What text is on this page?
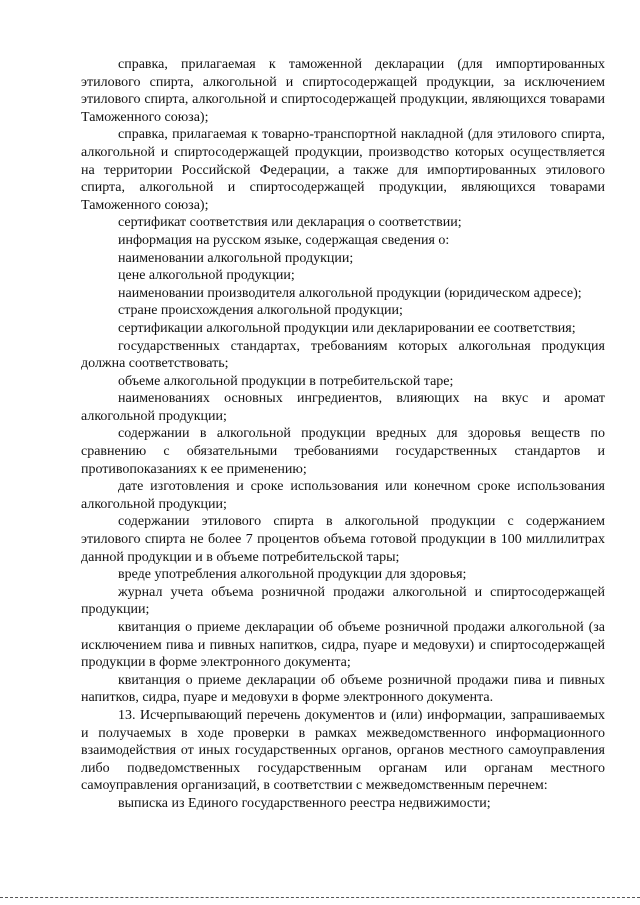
справка, прилагаемая к таможенной декларации (для импортированных этилового спирта, алкогольной и спиртосодержащей продукции, за исключением этилового спирта, алкогольной и спиртосодержащей продукции, являющихся товарами Таможенного союза);

справка, прилагаемая к товарно-транспортной накладной (для этилового спирта, алкогольной и спиртосодержащей продукции, производство которых осуществляется на территории Российской Федерации, а также для импортированных этилового спирта, алкогольной и спиртосодержащей продукции, являющихся товарами Таможенного союза);

сертификат соответствия или декларация о соответствии;

информация на русском языке, содержащая сведения о:

наименовании алкогольной продукции;

цене алкогольной продукции;

наименовании производителя алкогольной продукции (юридическом адресе);

стране происхождения алкогольной продукции;

сертификации алкогольной продукции или декларировании ее соответствия;

государственных стандартах, требованиям которых алкогольная продукция должна соответствовать;

объеме алкогольной продукции в потребительской таре;

наименованиях основных ингредиентов, влияющих на вкус и аромат алкогольной продукции;

содержании в алкогольной продукции вредных для здоровья веществ по сравнению с обязательными требованиями государственных стандартов и противопоказаниях к ее применению;

дате изготовления и сроке использования или конечном сроке использования алкогольной продукции;

содержании этилового спирта в алкогольной продукции с содержанием этилового спирта не более 7 процентов объема готовой продукции в 100 миллилитрах данной продукции и в объеме потребительской тары;

вреде употребления алкогольной продукции для здоровья;

журнал учета объема розничной продажи алкогольной и спиртосодержащей продукции;

квитанция о приеме декларации об объеме розничной продажи алкогольной (за исключением пива и пивных напитков, сидра, пуаре и медовухи) и спиртосодержащей продукции в форме электронного документа;

квитанция о приеме декларации об объеме розничной продажи пива и пивных напитков, сидра, пуаре и медовухи в форме электронного документа.

13. Исчерпывающий перечень документов и (или) информации, запрашиваемых и получаемых в ходе проверки в рамках межведомственного информационного взаимодействия от иных государственных органов, органов местного самоуправления либо подведомственных государственным органам или органам местного самоуправления организаций, в соответствии с межведомственным перечнем:

выписка из Единого государственного реестра недвижимости;
